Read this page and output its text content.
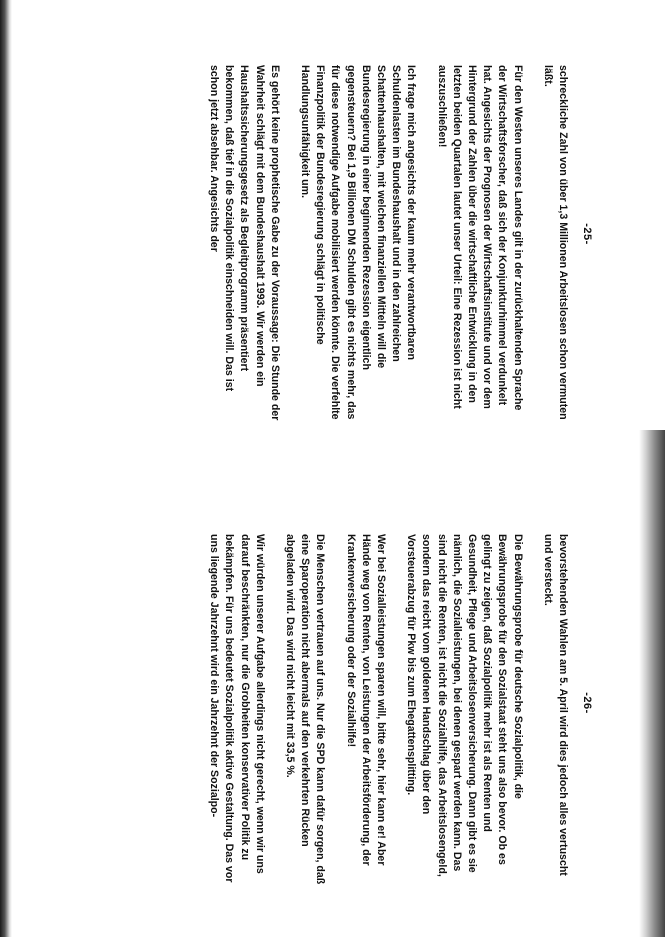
-25-

schreckliche Zahl von über 1,3 Millionen Arbeitslosen schon vermuten läßt.

Für den Westen unseres Landes gilt in der zurückhaltenden Sprache der Wirtschaftsforscher, daß sich der Konjunkturhimmel verdunkelt hat. Angesichts der Prognosen der Wirtschaftsinstitute und vor dem Hintergrund der Zahlen über die wirtschaftliche Entwicklung in den letzten beiden Quartalen lautet unser Urteil: Eine Rezession ist nicht auszuschließen!

Ich frage mich angesichts der kaum mehr verantwortbaren Schuldenlasten im Bundeshaushalt und in den zahlreichen Schattenhaushalten, mit welchen finanziellen Mitteln will die Bundesregierung in einer beginnenden Rezession eigentlich gegensteuern? Bei 1,9 Billionen DM Schulden gibt es nichts mehr, das für diese notwendige Aufgabe mobilisiert werden könnte. Die verfehlte Finanzpolitik der Bundesregierung schlägt in politische Handlungsunfähigkeit um.

Es gehört keine prophetische Gabe zu der Voraussage: Die Stunde der Wahrheit schlägt mit dem Bundeshaushalt 1993. Wir werden ein Haushaltssicherungsgesetz als Begleitprogramm präsentiert bekommen, daß tief in die Sozialpolitik einschneiden will. Das ist schon jetzt absehbar. Angesichts der

-26-

bevorstehenden Wahlen am 5. April wird dies jedoch alles vertuscht und versteckt.

Die Bewährungsprobe für deutsche Sozialpolitik, die Bewährungsprobe für den Sozialstaat steht uns also bevor. Ob es gelingt zu zeigen, daß Sozialpolitik mehr ist als Renten und Gesundheit, Pflege und Arbeitslosenversicherung. Dann gibt es sie nämlich, die Sozialleistungen, bei denen gespart werden kann. Das sind nicht die Renten, ist nicht die Sozialhilfe, das Arbeitslosengeld, sondern das reicht vom goldenen Handschlag über den Vorsteuerabzug für Pkw bis zum Ehegattensplitting.

Wer bei Sozialleistungen sparen will, bitte sehr, hier kann er! Aber Hände weg von Renten, von Leistungen der Arbeitsförderung, der Krankenversicherung oder der Sozialhilfe!

Die Menschen vertrauen auf uns. Nur die SPD kann dafür sorgen, daß eine Sparoperation nicht abermals auf den verkehrten Rücken abgeladen wird. Das wird nicht leicht mit 33,5 %.

Wir würden unserer Aufgabe allerdings nicht gerecht, wenn wir uns darauf beschränkten, nur die Grobheiten konservativer Politik zu bekämpfen. Für uns bedeutet Sozialpolitik aktive Gestaltung. Das vor uns liegende Jahrzehnt wird ein Jahrzehnt der Sozialpo-
